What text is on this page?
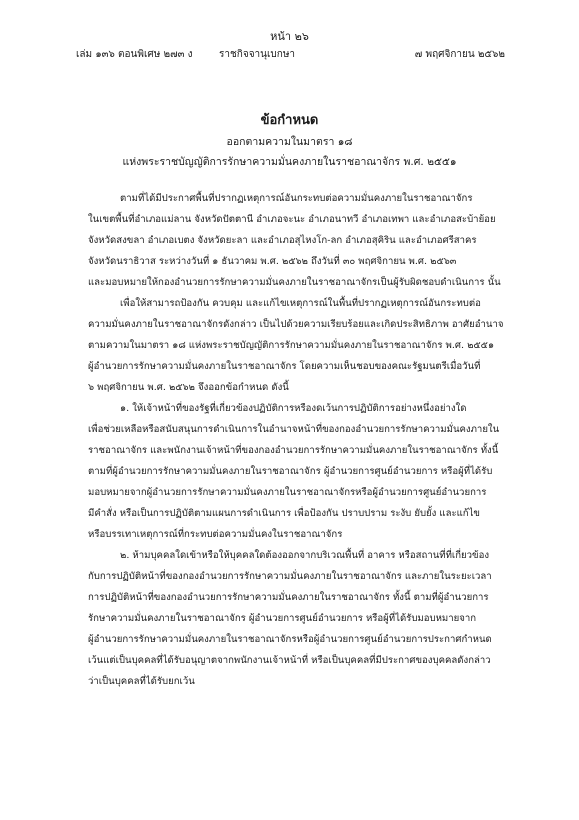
หน้า ๒๖
เล่ม ๑๓๖ ตอนพิเศษ ๒๗๓ ง	ราชกิจจานุเบกษา	๗ พฤศจิกายน ๒๕๖๒
ข้อกำหนด
ออกตามความในมาตรา ๑๘
แห่งพระราชบัญญัติการรักษาความมั่นคงภายในราชอาณาจักร พ.ศ. ๒๕๕๑

ตามที่ได้มีประกาศพื้นที่ปรากฏเหตุการณ์อันกระทบต่อความมั่นคงภายในราชอาณาจักร
ในเขตพื้นที่อำเภอแม่ลาน จังหวัดปัตตานี อำเภอจะนะ อำเภอนาทวี อำเภอเทพา และอำเภอสะบ้าย้อย
จังหวัดสงขลา อำเภอเบตง จังหวัดยะลา และอำเภอสุไหงโก-ลก อำเภอสุคิริน และอำเภอศรีสาคร
จังหวัดนราธิวาส ระหว่างวันที่ ๑ ธันวาคม พ.ศ. ๒๕๖๒ ถึงวันที่ ๓๐ พฤศจิกายน พ.ศ. ๒๕๖๓
และมอบหมายให้กองอำนวยการรักษาความมั่นคงภายในราชอาณาจักรเป็นผู้รับผิดชอบดำเนินการ นั้น

เพื่อให้สามารถป้องกัน ควบคุม และแก้ไขเหตุการณ์ในพื้นที่ปรากฏเหตุการณ์อันกระทบต่อ
ความมั่นคงภายในราชอาณาจักรดังกล่าว เป็นไปด้วยความเรียบร้อยและเกิดประสิทธิภาพ อาศัยอำนาจ
ตามความในมาตรา ๑๘ แห่งพระราชบัญญัติการรักษาความมั่นคงภายในราชอาณาจักร พ.ศ. ๒๕๕๑
ผู้อำนวยการรักษาความมั่นคงภายในราชอาณาจักร โดยความเห็นชอบของคณะรัฐมนตรีเมื่อวันที่
๖ พฤศจิกายน พ.ศ. ๒๕๖๒ จึงออกข้อกำหนด ดังนี้

๑. ให้เจ้าหน้าที่ของรัฐที่เกี่ยวข้องปฏิบัติการหรืองดเว้นการปฏิบัติการอย่างหนึ่งอย่างใด
เพื่อช่วยเหลือหรือสนับสนุนการดำเนินการในอำนาจหน้าที่ของกองอำนวยการรักษาความมั่นคงภายใน
ราชอาณาจักร และพนักงานเจ้าหน้าที่ของกองอำนวยการรักษาความมั่นคงภายในราชอาณาจักร ทั้งนี้
ตามที่ผู้อำนวยการรักษาความมั่นคงภายในราชอาณาจักร ผู้อำนวยการศูนย์อำนวยการ หรือผู้ที่ได้รับ
มอบหมายจากผู้อำนวยการรักษาความมั่นคงภายในราชอาณาจักรหรือผู้อำนวยการศูนย์อำนวยการ
มีคำสั่ง หรือเป็นการปฏิบัติตามแผนการดำเนินการ เพื่อป้องกัน ปราบปราม ระงับ ยับยั้ง และแก้ไข
หรือบรรเทาเหตุการณ์ที่กระทบต่อความมั่นคงในราชอาณาจักร

๒. ห้ามบุคคลใดเข้าหรือให้บุคคลใดต้องออกจากบริเวณพื้นที่ อาคาร หรือสถานที่ที่เกี่ยวข้อง
กับการปฏิบัติหน้าที่ของกองอำนวยการรักษาความมั่นคงภายในราชอาณาจักร และภายในระยะเวลา
การปฏิบัติหน้าที่ของกองอำนวยการรักษาความมั่นคงภายในราชอาณาจักร ทั้งนี้ ตามที่ผู้อำนวยการ
รักษาความมั่นคงภายในราชอาณาจักร ผู้อำนวยการศูนย์อำนวยการ หรือผู้ที่ได้รับมอบหมายจาก
ผู้อำนวยการรักษาความมั่นคงภายในราชอาณาจักรหรือผู้อำนวยการศูนย์อำนวยการประกาศกำหนด
เว้นแต่เป็นบุคคลที่ได้รับอนุญาตจากพนักงานเจ้าหน้าที่ หรือเป็นบุคคลที่มีประกาศของบุคคลดังกล่าว
ว่าเป็นบุคคลที่ได้รับยกเว้น
